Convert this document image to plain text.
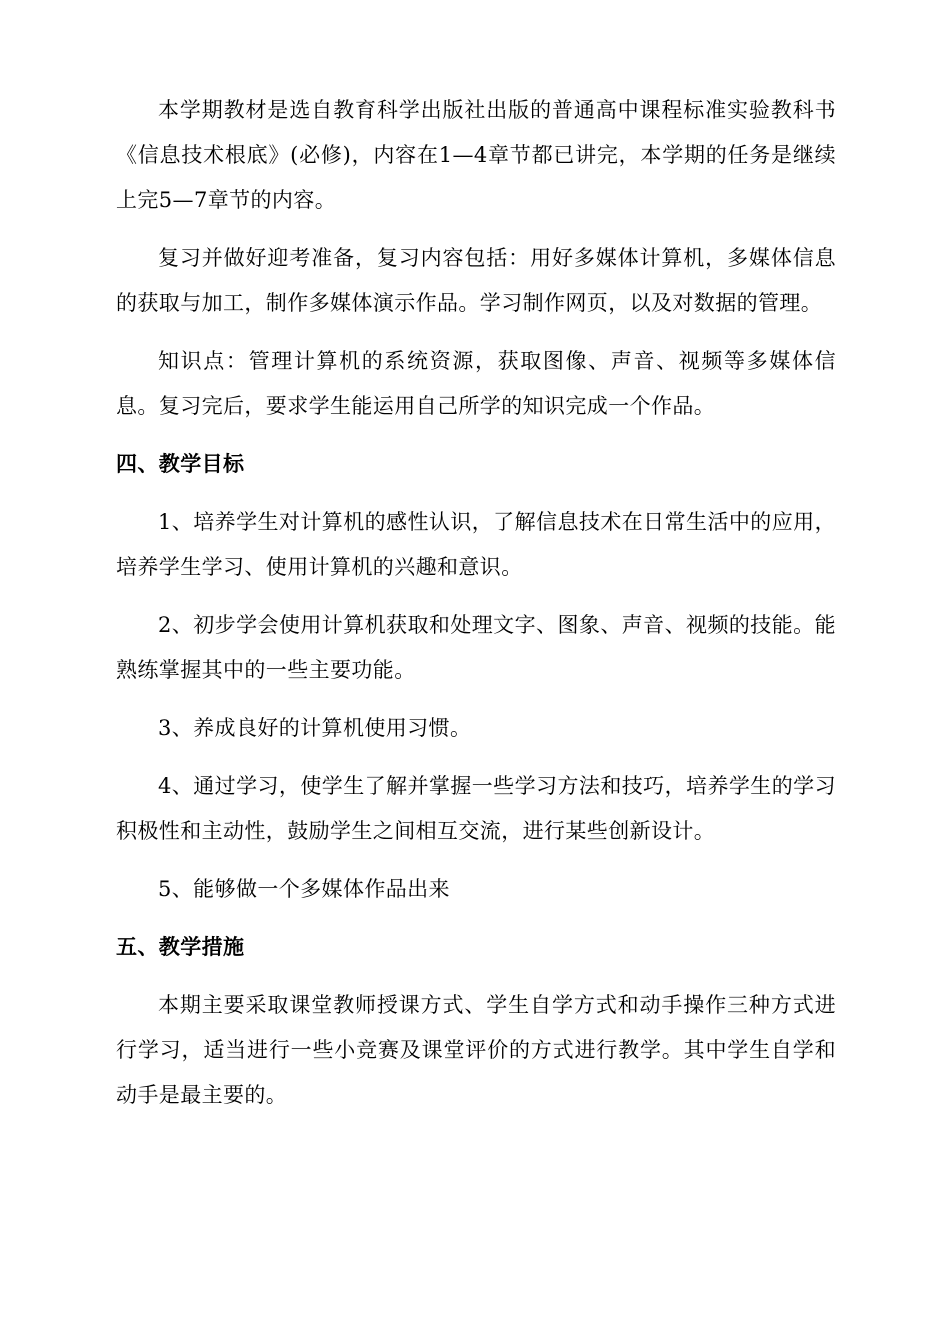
本学期教材是选自教育科学出版社出版的普通高中课程标准实验教科书《信息技术根底》(必修)，内容在1—4章节都已讲完，本学期的任务是继续上完5—7章节的内容。

复习并做好迎考准备，复习内容包括：用好多媒体计算机，多媒体信息的获取与加工，制作多媒体演示作品。学习制作网页，以及对数据的管理。

知识点：管理计算机的系统资源，获取图像、声音、视频等多媒体信息。复习完后，要求学生能运用自己所学的知识完成一个作品。

四、教学目标

1、培养学生对计算机的感性认识，了解信息技术在日常生活中的应用，培养学生学习、使用计算机的兴趣和意识。

2、初步学会使用计算机获取和处理文字、图象、声音、视频的技能。能熟练掌握其中的一些主要功能。

3、养成良好的计算机使用习惯。

4、通过学习，使学生了解并掌握一些学习方法和技巧，培养学生的学习积极性和主动性，鼓励学生之间相互交流，进行某些创新设计。

5、能够做一个多媒体作品出来

五、教学措施

本期主要采取课堂教师授课方式、学生自学方式和动手操作三种方式进行学习，适当进行一些小竞赛及课堂评价的方式进行教学。其中学生自学和动手是最主要的。
